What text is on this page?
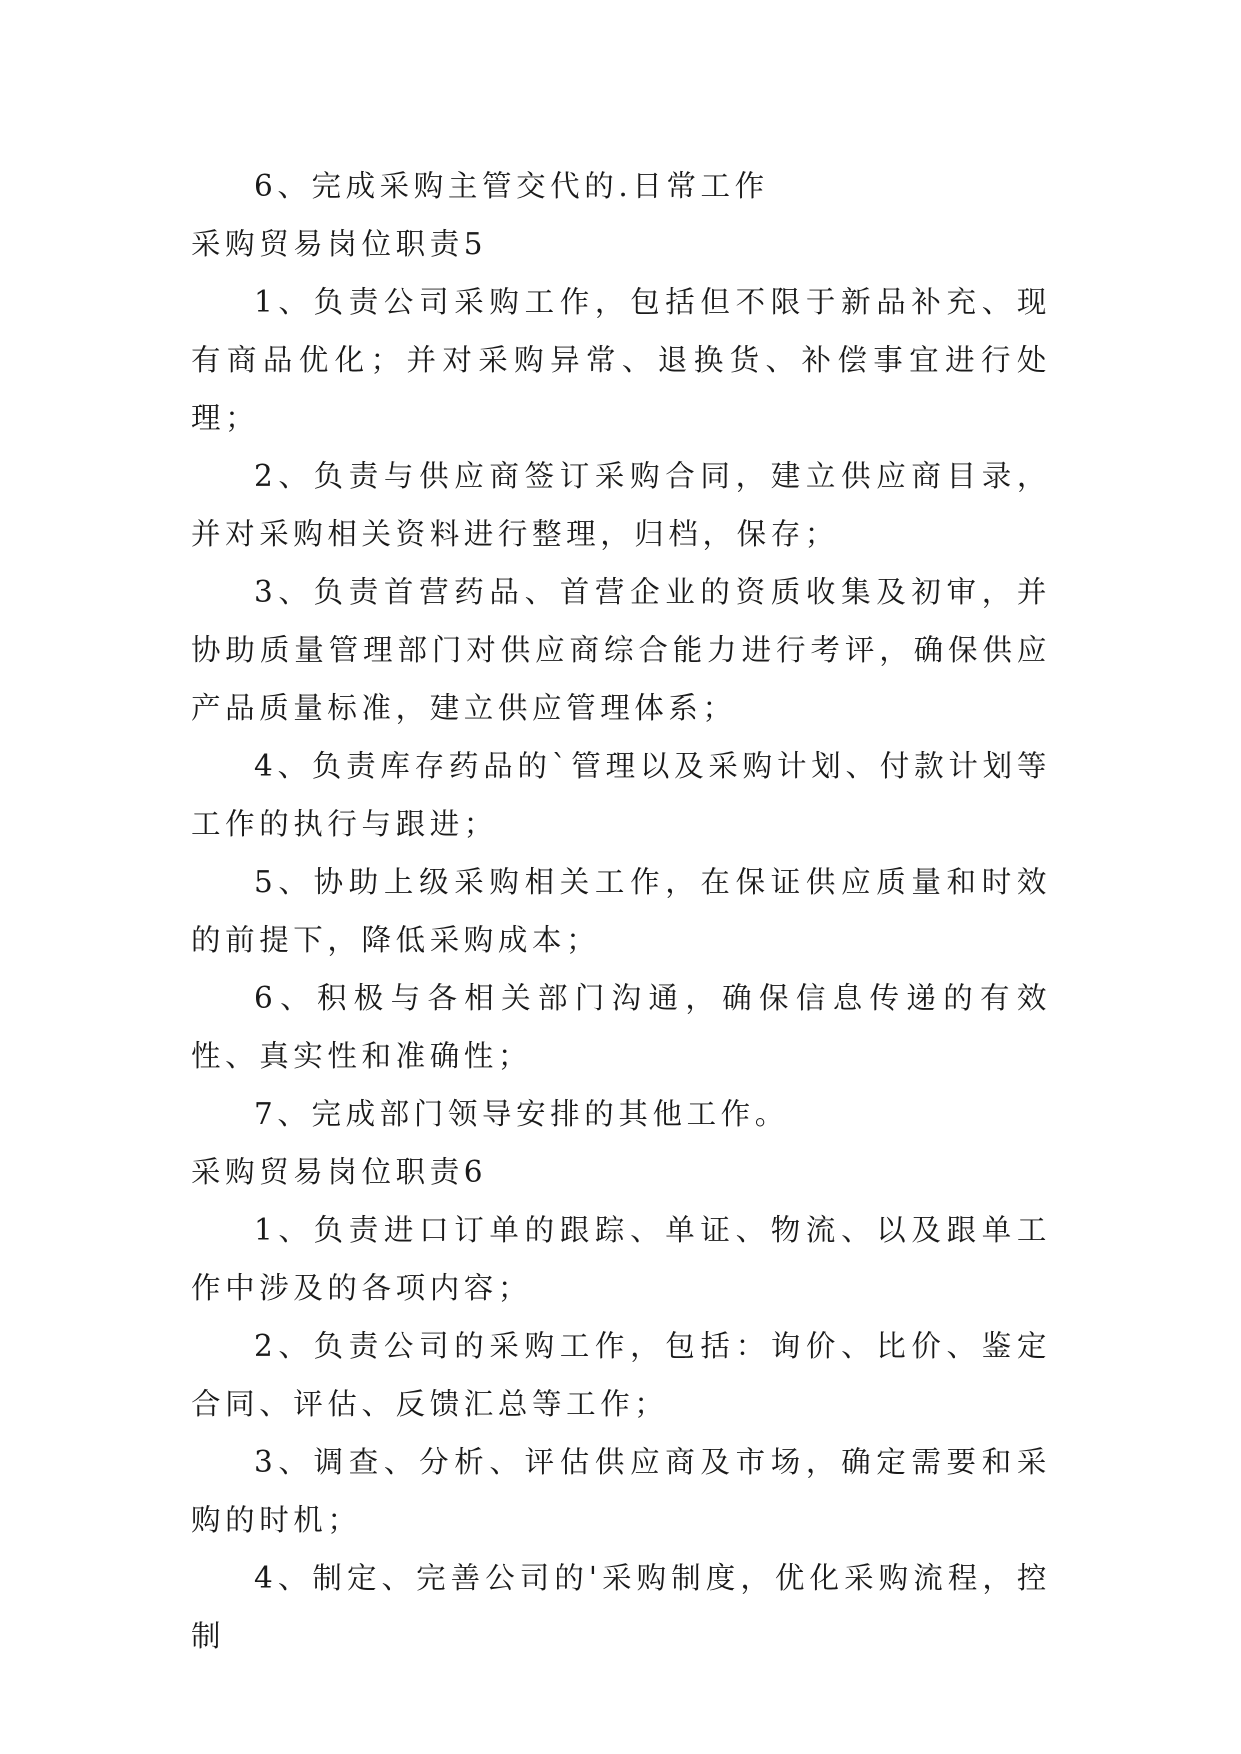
6、完成采购主管交代的.日常工作

采购贸易岗位职责5

1、负责公司采购工作，包括但不限于新品补充、现有商品优化；并对采购异常、退换货、补偿事宜进行处理；

2、负责与供应商签订采购合同，建立供应商目录，并对采购相关资料进行整理，归档，保存；

3、负责首营药品、首营企业的资质收集及初审，并协助质量管理部门对供应商综合能力进行考评，确保供应产品质量标准，建立供应管理体系；

4、负责库存药品的`管理以及采购计划、付款计划等工作的执行与跟进；

5、协助上级采购相关工作，在保证供应质量和时效的前提下，降低采购成本；

6、积极与各相关部门沟通，确保信息传递的有效性、真实性和准确性；

7、完成部门领导安排的其他工作。

采购贸易岗位职责6

1、负责进口订单的跟踪、单证、物流、以及跟单工作中涉及的各项内容；

2、负责公司的采购工作，包括：询价、比价、鉴定合同、评估、反馈汇总等工作；

3、调查、分析、评估供应商及市场，确定需要和采购的时机；

4、制定、完善公司的'采购制度，优化采购流程，控制
